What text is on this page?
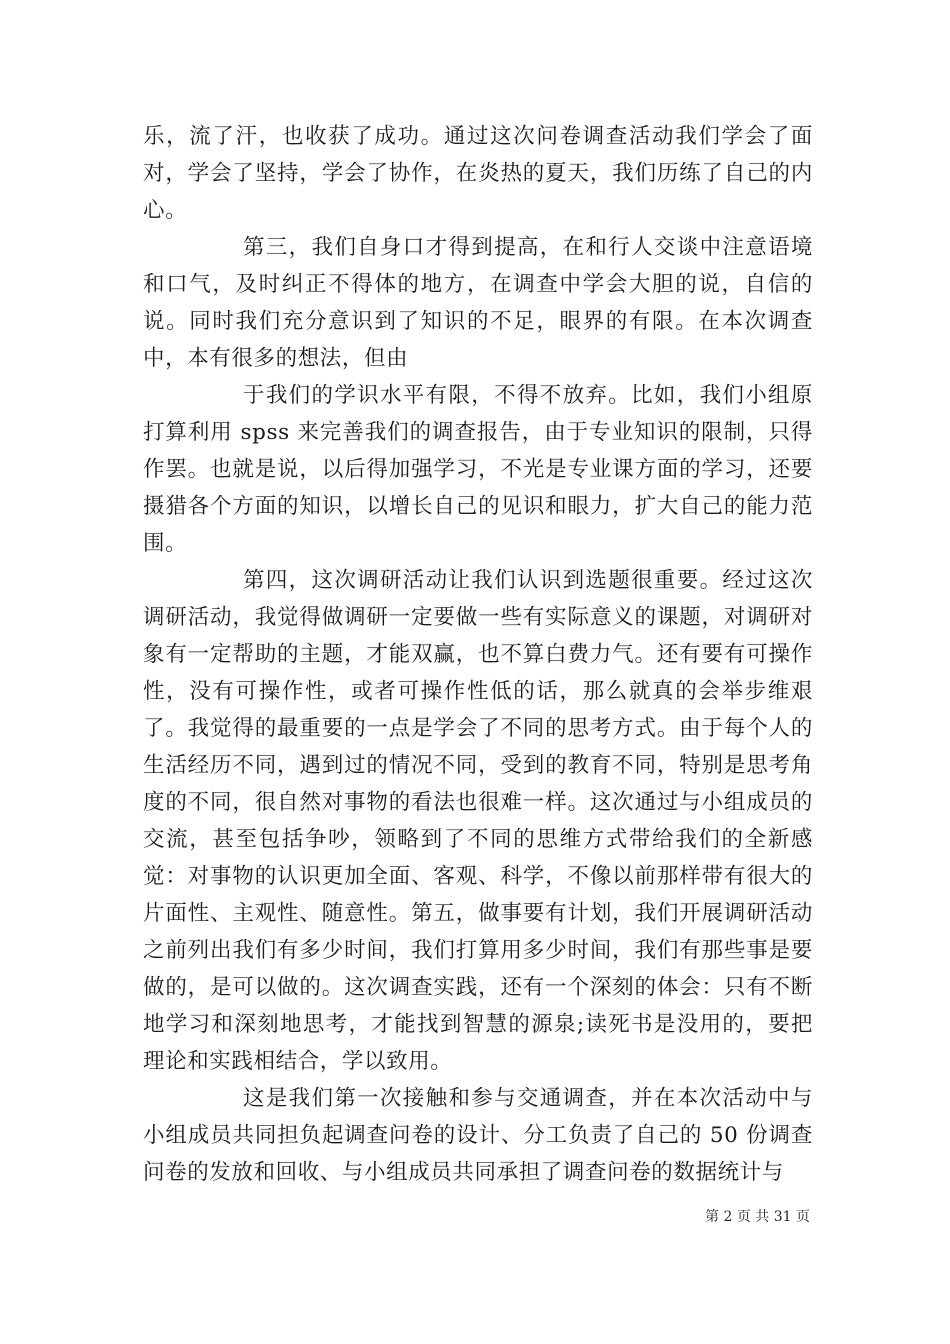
乐，流了汗，也收获了成功。通过这次问卷调查活动我们学会了面对，学会了坚持，学会了协作，在炎热的夏天，我们历练了自己的内心。

第三，我们自身口才得到提高，在和行人交谈中注意语境和口气，及时纠正不得体的地方，在调查中学会大胆的说，自信的说。同时我们充分意识到了知识的不足，眼界的有限。在本次调查中，本有很多的想法，但由

于我们的学识水平有限，不得不放弃。比如，我们小组原打算利用 spss 来完善我们的调查报告，由于专业知识的限制，只得作罢。也就是说，以后得加强学习，不光是专业课方面的学习，还要摄猎各个方面的知识，以增长自己的见识和眼力，扩大自己的能力范围。

第四，这次调研活动让我们认识到选题很重要。经过这次调研活动，我觉得做调研一定要做一些有实际意义的课题，对调研对象有一定帮助的主题，才能双赢，也不算白费力气。还有要有可操作性，没有可操作性，或者可操作性低的话，那么就真的会举步维艰了。我觉得的最重要的一点是学会了不同的思考方式。由于每个人的生活经历不同，遇到过的情况不同，受到的教育不同，特别是思考角度的不同，很自然对事物的看法也很难一样。这次通过与小组成员的交流，甚至包括争吵，领略到了不同的思维方式带给我们的全新感觉：对事物的认识更加全面、客观、科学，不像以前那样带有很大的片面性、主观性、随意性。第五，做事要有计划，我们开展调研活动之前列出我们有多少时间，我们打算用多少时间，我们有那些事是要做的，是可以做的。这次调查实践，还有一个深刻的体会：只有不断地学习和深刻地思考，才能找到智慧的源泉;读死书是没用的，要把理论和实践相结合，学以致用。

这是我们第一次接触和参与交通调查，并在本次活动中与小组成员共同担负起调查问卷的设计、分工负责了自己的 50 份调查问卷的发放和回收、与小组成员共同承担了调查问卷的数据统计与

第 2 页 共 31 页
